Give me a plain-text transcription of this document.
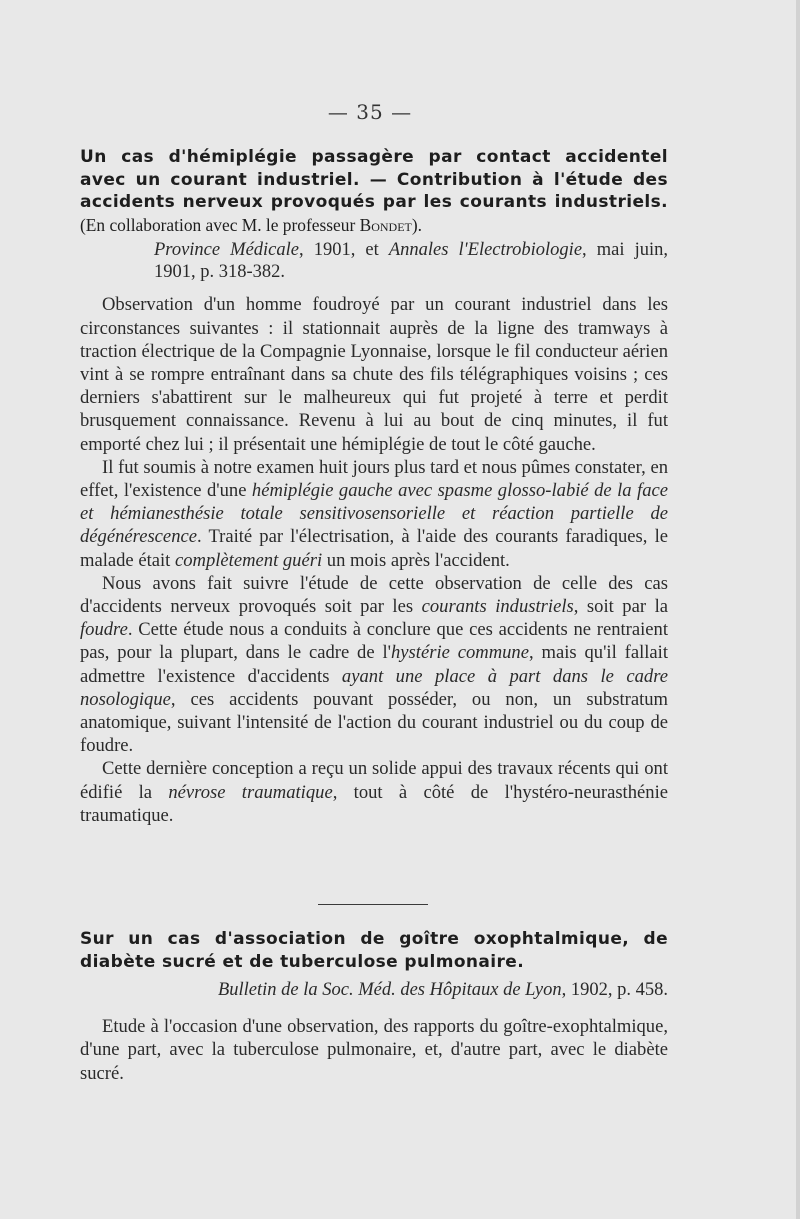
— 35 —
Un cas d'hémiplégie passagère par contact accidentel avec un courant industriel. — Contribution à l'étude des accidents nerveux provoqués par les courants industriels. (En collaboration avec M. le professeur Bondet).
Province Médicale, 1901, et Annales l'Electrobiologie, mai juin, 1901, p. 318-382.

Observation d'un homme foudroyé par un courant industriel dans les circonstances suivantes : il stationnait auprès de la ligne des tramways à traction électrique de la Compagnie Lyonnaise, lorsque le fil conducteur aérien vint à se rompre entraînant dans sa chute des fils télégraphiques voisins ; ces derniers s'abattirent sur le malheureux qui fut projeté à terre et perdit brusquement connaissance. Revenu à lui au bout de cinq minutes, il fut emporté chez lui ; il présentait une hémiplégie de tout le côté gauche.

Il fut soumis à notre examen huit jours plus tard et nous pûmes constater, en effet, l'existence d'une hémiplégie gauche avec spasme glosso-labié de la face et hémianesthésie totale sensitivosensorielle et réaction partielle de dégénérescence. Traité par l'électrisation, à l'aide des courants faradiques, le malade était complètement guéri un mois après l'accident.

Nous avons fait suivre l'étude de cette observation de celle des cas d'accidents nerveux provoqués soit par les courants industriels, soit par la foudre. Cette étude nous a conduits à conclure que ces accidents ne rentraient pas, pour la plupart, dans le cadre de l'hystérie commune, mais qu'il fallait admettre l'existence d'accidents ayant une place à part dans le cadre nosologique, ces accidents pouvant posséder, ou non, un substratum anatomique, suivant l'intensité de l'action du courant industriel ou du coup de foudre.

Cette dernière conception a reçu un solide appui des travaux récents qui ont édifié la névrose traumatique, tout à côté de l'hystéro-neurasthénie traumatique.

Sur un cas d'association de goître oxophtalmique, de diabète sucré et de tuberculose pulmonaire.
Bulletin de la Soc. Méd. des Hôpitaux de Lyon, 1902, p. 458.

Etude à l'occasion d'une observation, des rapports du goître-exophtalmique, d'une part, avec la tuberculose pulmonaire, et, d'autre part, avec le diabète sucré.
